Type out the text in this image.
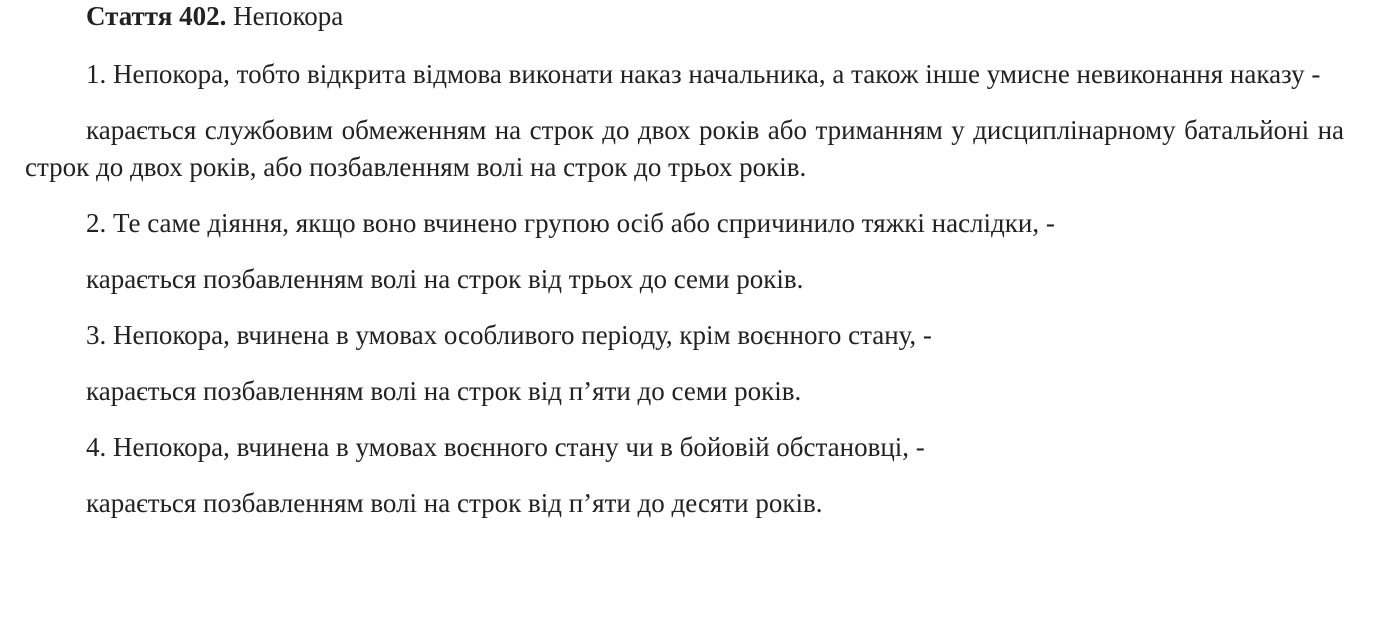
Стаття 402. Непокора

1. Непокора, тобто відкрита відмова виконати наказ начальника, а також інше умисне невиконання наказу -

карається службовим обмеженням на строк до двох років або триманням у дисциплінарному батальйоні на строк до двох років, або позбавленням волі на строк до трьох років.

2. Те саме діяння, якщо воно вчинено групою осіб або спричинило тяжкі наслідки, -

карається позбавленням волі на строк від трьох до семи років.

3. Непокора, вчинена в умовах особливого періоду, крім воєнного стану, -

карається позбавленням волі на строк від п’яти до семи років.

4. Непокора, вчинена в умовах воєнного стану чи в бойовій обстановці, -

карається позбавленням волі на строк від п’яти до десяти років.
